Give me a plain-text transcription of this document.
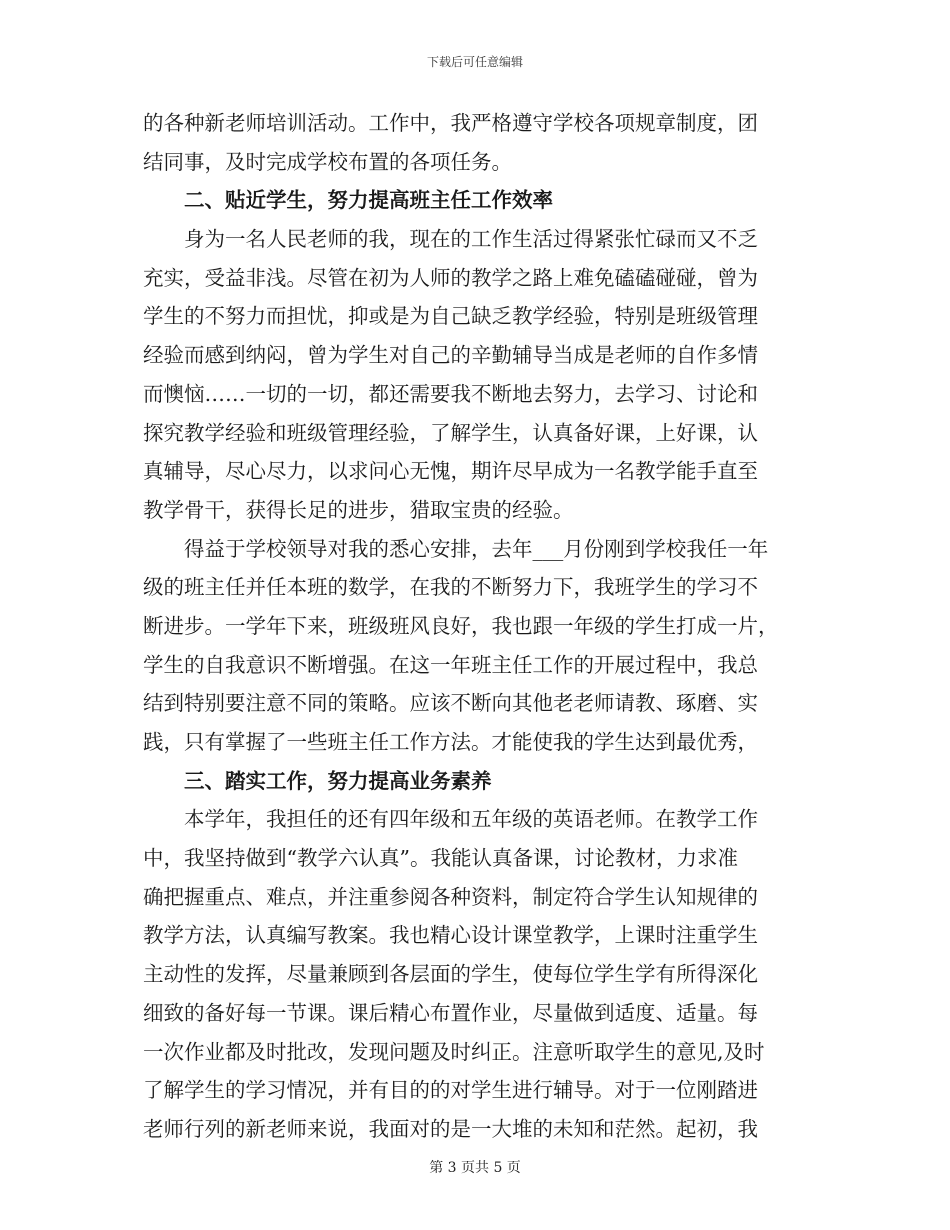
下载后可任意编辑
的各种新老师培训活动。工作中，我严格遵守学校各项规章制度，团
结同事，及时完成学校布置的各项任务。
二、贴近学生，努力提高班主任工作效率
　　身为一名人民老师的我，现在的工作生活过得紧张忙碌而又不乏
充实，受益非浅。尽管在初为人师的教学之路上难免磕磕碰碰，曾为
学生的不努力而担忧，抑或是为自己缺乏教学经验，特别是班级管理
经验而感到纳闷，曾为学生对自己的辛勤辅导当成是老师的自作多情
而懊恼……一切的一切，都还需要我不断地去努力，去学习、讨论和
探究教学经验和班级管理经验，了解学生，认真备好课，上好课，认
真辅导，尽心尽力，以求问心无愧，期许尽早成为一名教学能手直至
教学骨干，获得长足的进步，猎取宝贵的经验。
　　得益于学校领导对我的悉心安排，去年___月份刚到学校我任一年
级的班主任并任本班的数学，在我的不断努力下，我班学生的学习不
断进步。一学年下来，班级班风良好，我也跟一年级的学生打成一片，
学生的自我意识不断增强。在这一年班主任工作的开展过程中，我总
结到特别要注意不同的策略。应该不断向其他老老师请教、琢磨、实
践，只有掌握了一些班主任工作方法。才能使我的学生达到最优秀，
三、踏实工作，努力提高业务素养
　　本学年，我担任的还有四年级和五年级的英语老师。在教学工作
中，我坚持做到“教学六认真”。我能认真备课，讨论教材，力求准
确把握重点、难点，并注重参阅各种资料，制定符合学生认知规律的
教学方法，认真编写教案。我也精心设计课堂教学，上课时注重学生
主动性的发挥，尽量兼顾到各层面的学生，使每位学生学有所得深化
细致的备好每一节课。课后精心布置作业，尽量做到适度、适量。每
一次作业都及时批改，发现问题及时纠正。注意听取学生的意见,及时
了解学生的学习情况，并有目的的对学生进行辅导。对于一位刚踏进
老师行列的新老师来说，我面对的是一大堆的未知和茫然。起初，我
第 3 页共 5 页
